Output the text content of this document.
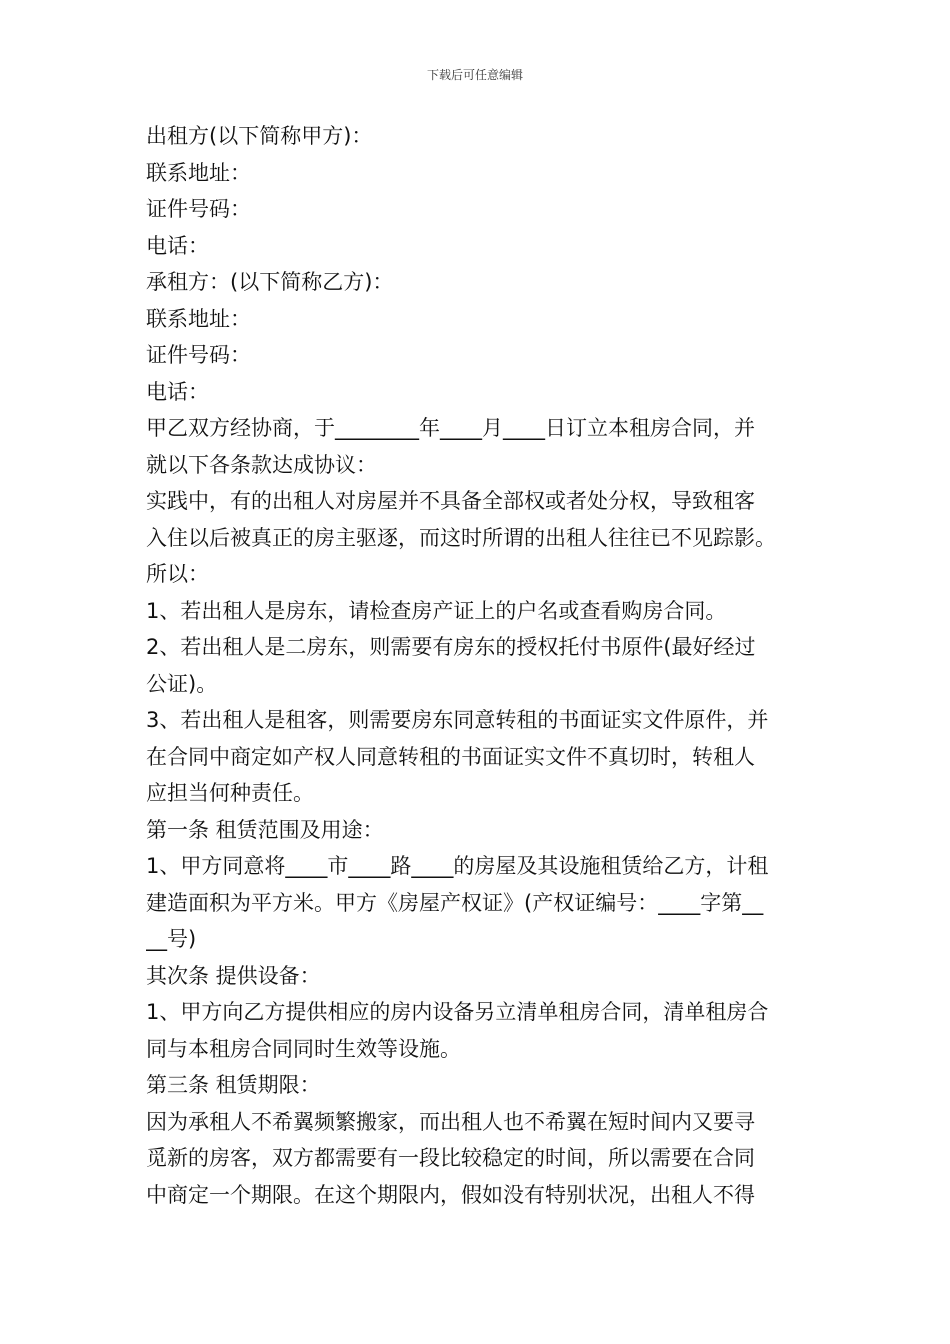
下载后可任意编辑
出租方(以下简称甲方)：
联系地址：
证件号码：
电话：
承租方：(以下简称乙方)：
联系地址：
证件号码：
电话：
甲乙双方经协商，于________年____月____日订立本租房合同，并
就以下各条款达成协议：
实践中，有的出租人对房屋并不具备全部权或者处分权，导致租客
入住以后被真正的房主驱逐，而这时所谓的出租人往往已不见踪影。
所以：
1、若出租人是房东，请检查房产证上的户名或查看购房合同。
2、若出租人是二房东，则需要有房东的授权托付书原件(最好经过
公证)。
3、若出租人是租客，则需要房东同意转租的书面证实文件原件，并
在合同中商定如产权人同意转租的书面证实文件不真切时，转租人
应担当何种责任。
第一条 租赁范围及用途：
1、甲方同意将____市____路____的房屋及其设施租赁给乙方，计租
建造面积为平方米。甲方《房屋产权证》(产权证编号：____字第__
__号)
其次条 提供设备：
1、甲方向乙方提供相应的房内设备另立清单租房合同，清单租房合
同与本租房合同同时生效等设施。
第三条 租赁期限：
因为承租人不希翼频繁搬家，而出租人也不希翼在短时间内又要寻
觅新的房客，双方都需要有一段比较稳定的时间，所以需要在合同
中商定一个期限。在这个期限内，假如没有特别状况，出租人不得
